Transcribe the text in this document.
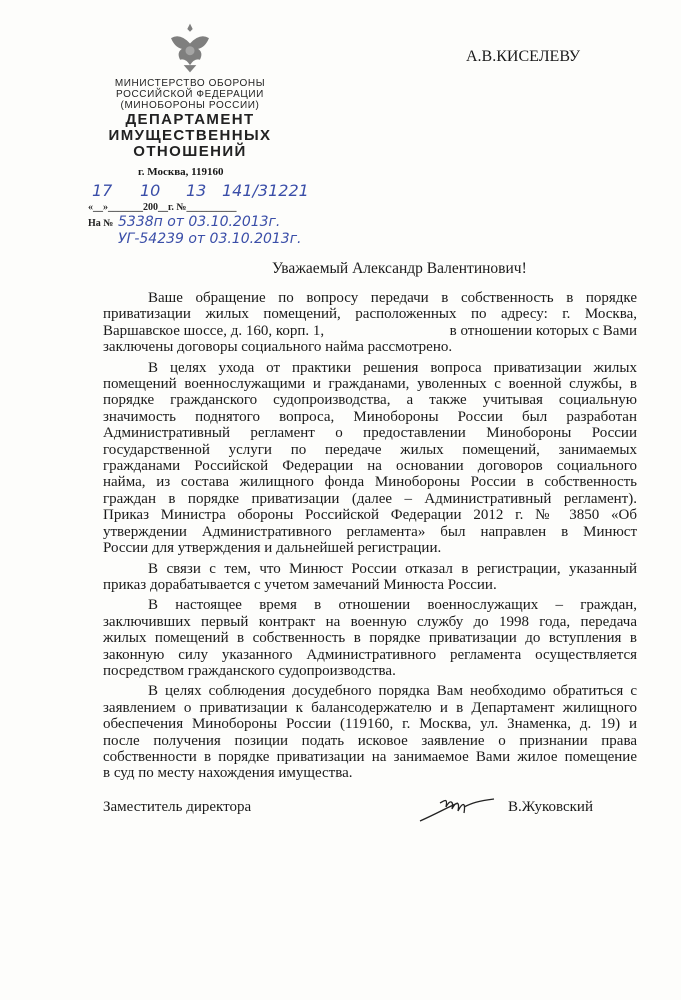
МИНИСТЕРСТВО ОБОРОНЫ
РОССИЙСКОЙ ФЕДЕРАЦИИ
(МИНОБОРОНЫ РОССИИ)
ДЕПАРТАМЕНТ
ИМУЩЕСТВЕННЫХ
ОТНОШЕНИЙ
г. Москва, 119160
17 10 13 141/31221
«__»_______200__г. №__________
На № 5338п от 03.10.2013г.
УГ-54239 от 03.10.2013г.
А.В.КИСЕЛЕВУ
Уважаемый Александр Валентинович!
Ваше обращение по вопросу передачи в собственность в порядке
приватизации жилых помещений, расположенных по адресу: г. Москва,
Варшавское шоссе, д. 160, корп. 1,	в отношении которых с Вами
заключены договоры социального найма рассмотрено.
В целях ухода от практики решения вопроса приватизации жилых
помещений военнослужащими и гражданами, уволенных с военной службы, в
порядке гражданского судопроизводства, а также учитывая социальную
значимость поднятого вопроса, Минобороны России был разработан
Административный регламент о предоставлении Минобороны России
государственной услуги по передаче жилых помещений, занимаемых
гражданами Российской Федерации на основании договоров социального
найма, из состава жилищного фонда Минобороны России в собственность
граждан в порядке приватизации (далее – Административный регламент).
Приказ Министра обороны Российской Федерации 2012 г. № 3850 «Об
утверждении Административного регламента» был направлен в Минюст
России для утверждения и дальнейшей регистрации.
В связи с тем, что Минюст России отказал в регистрации, указанный
приказ дорабатывается с учетом замечаний Минюста России.
В настоящее время в отношении военнослужащих – граждан,
заключивших первый контракт на военную службу до 1998 года, передача
жилых помещений в собственность в порядке приватизации до вступления в
законную силу указанного Административного регламента осуществляется
посредством гражданского судопроизводства.
В целях соблюдения досудебного порядка Вам необходимо обратиться с
заявлением о приватизации к балансодержателю и в Департамент жилищного
обеспечения Минобороны России (119160, г. Москва, ул. Знаменка, д. 19) и
после получения позиции подать исковое заявление о признании права
собственности в порядке приватизации на занимаемое Вами жилое помещение
в суд по месту нахождения имущества.
Заместитель директора	В.Жуковский
